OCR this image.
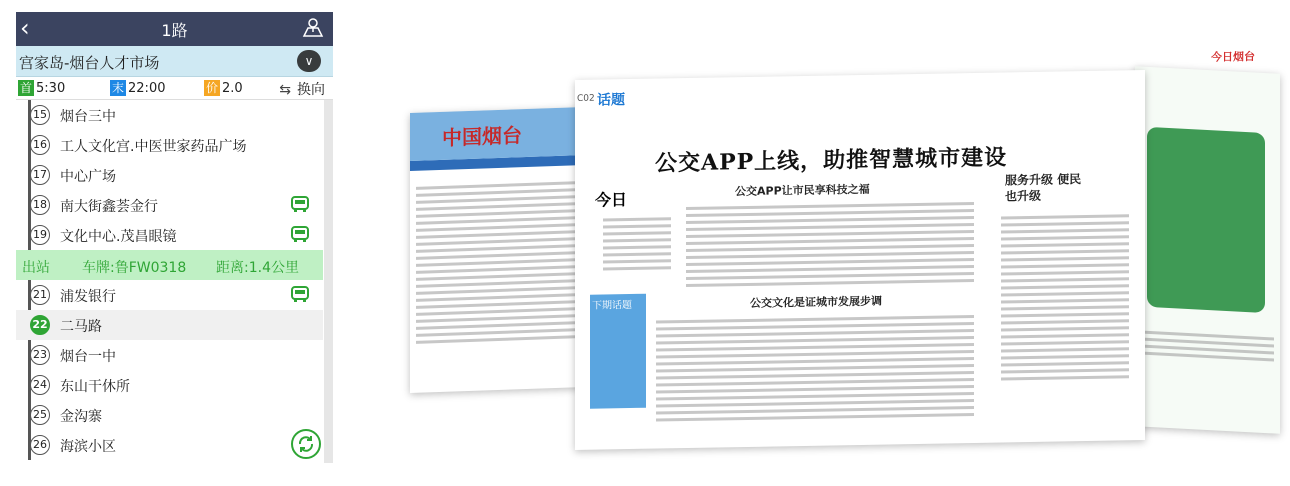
‹	1路
宫家岛-烟台人才市场	∨
首 5:30	末 22:00	价 2.0	⇆ 换向
15 烟台三中
16 工人文化宫.中医世家药品广场
17 中心广场
18 南大街鑫荟金行
19 文化中心.茂昌眼镜
出站 车牌:鲁FW0318 距离:1.4公里
21 浦发银行
22 二马路
23 烟台一中
24 东山干休所
25 金沟寨
26 海滨小区
中国烟台
C02 话题
今日烟台
公交APP上线，助推智慧城市建设
今日	公交APP让市民享科技之福
公交文化是证城市发展步调
服务升级 便民也升级
下期话题
